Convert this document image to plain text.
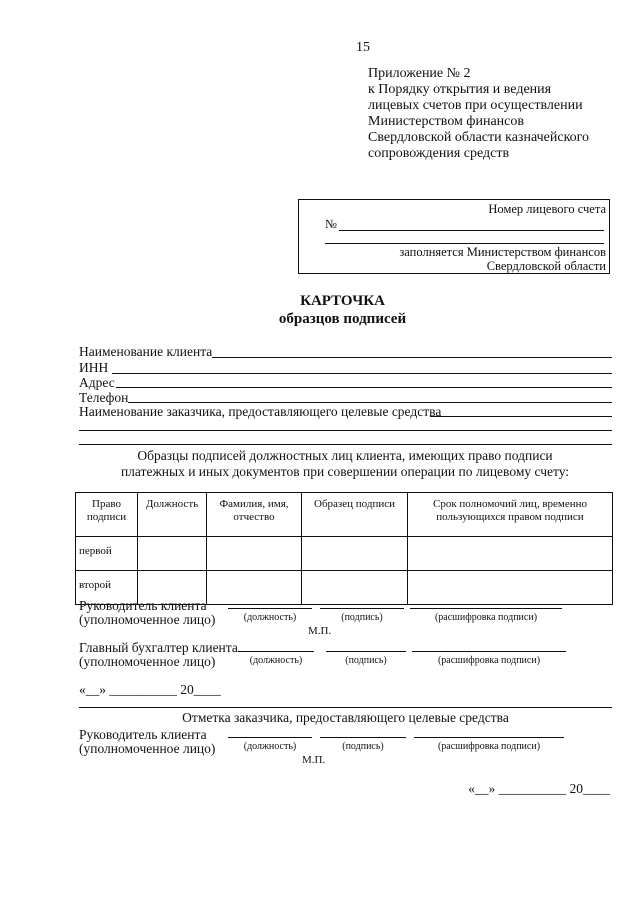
15
Приложение № 2
к Порядку открытия и ведения
лицевых счетов при осуществлении
Министерством финансов
Свердловской области казначейского
сопровождения средств
Номер лицевого счета
№
заполняется Министерством финансов
Свердловской области
КАРТОЧКА
образцов подписей
Наименование клиента
ИНН
Адрес
Телефон
Наименование заказчика, предоставляющего целевые средства
Образцы подписей должностных лиц клиента, имеющих право подписи
платежных и иных документов при совершении операции по лицевому счету:
Право подписи	Должность	Фамилия, имя, отчество	Образец подписи	Срок полномочий лиц, временно пользующихся правом подписи
первой				
второй				
Руководитель клиента
(уполномоченное лицо)	(должность)	(подпись)	(расшифровка подписи)
М.П.
Главный бухгалтер клиента
(уполномоченное лицо)	(должность)	(подпись)	(расшифровка подписи)
«__» __________ 20____
Отметка заказчика, предоставляющего целевые средства
Руководитель клиента
(уполномоченное лицо)	(должность)	(подпись)	(расшифровка подписи)
М.П.
«__» __________ 20____
